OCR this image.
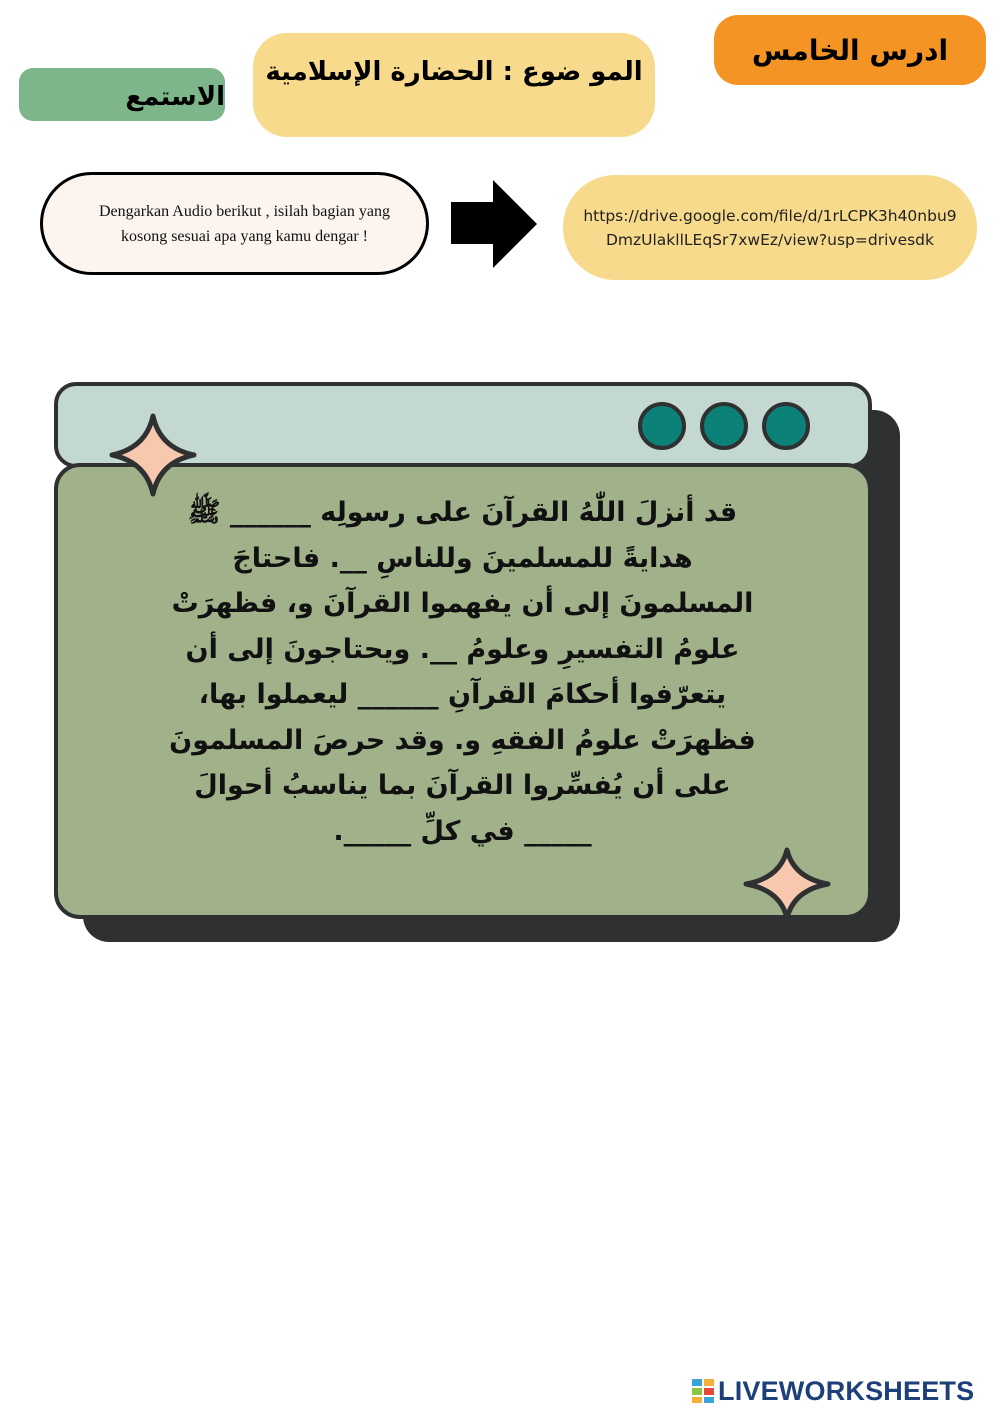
ادرس الخامس
المو ضوع : الحضارة الإسلامية
الاستمع
Dengarkan Audio berikut , isilah bagian yang kosong sesuai apa yang kamu dengar !
https://drive.google.com/file/d/1rLCPK3h40nbu9DmzUlakllLEqSr7xwEz/view?usp=drivesdk
قد أنزلَ اللّٰهُ القرآنَ على رسولِه ______ ﷺ
هدايةً للمسلمينَ وللناسِ __. فاحتاجَ
المسلمونَ إلى أن يفهموا القرآنَ و، فظهرَتْ
علومُ التفسيرِ وعلومُ __. ويحتاجونَ إلى أن
يتعرّفوا أحكامَ القرآنِ ______ ليعملوا بها،
فظهرَتْ علومُ الفقهِ و. وقد حرصَ المسلمونَ
على أن يُفسِّروا القرآنَ بما يناسبُ أحوالَ
_____ في كلِّ _____.
LIVEWORKSHEETS
